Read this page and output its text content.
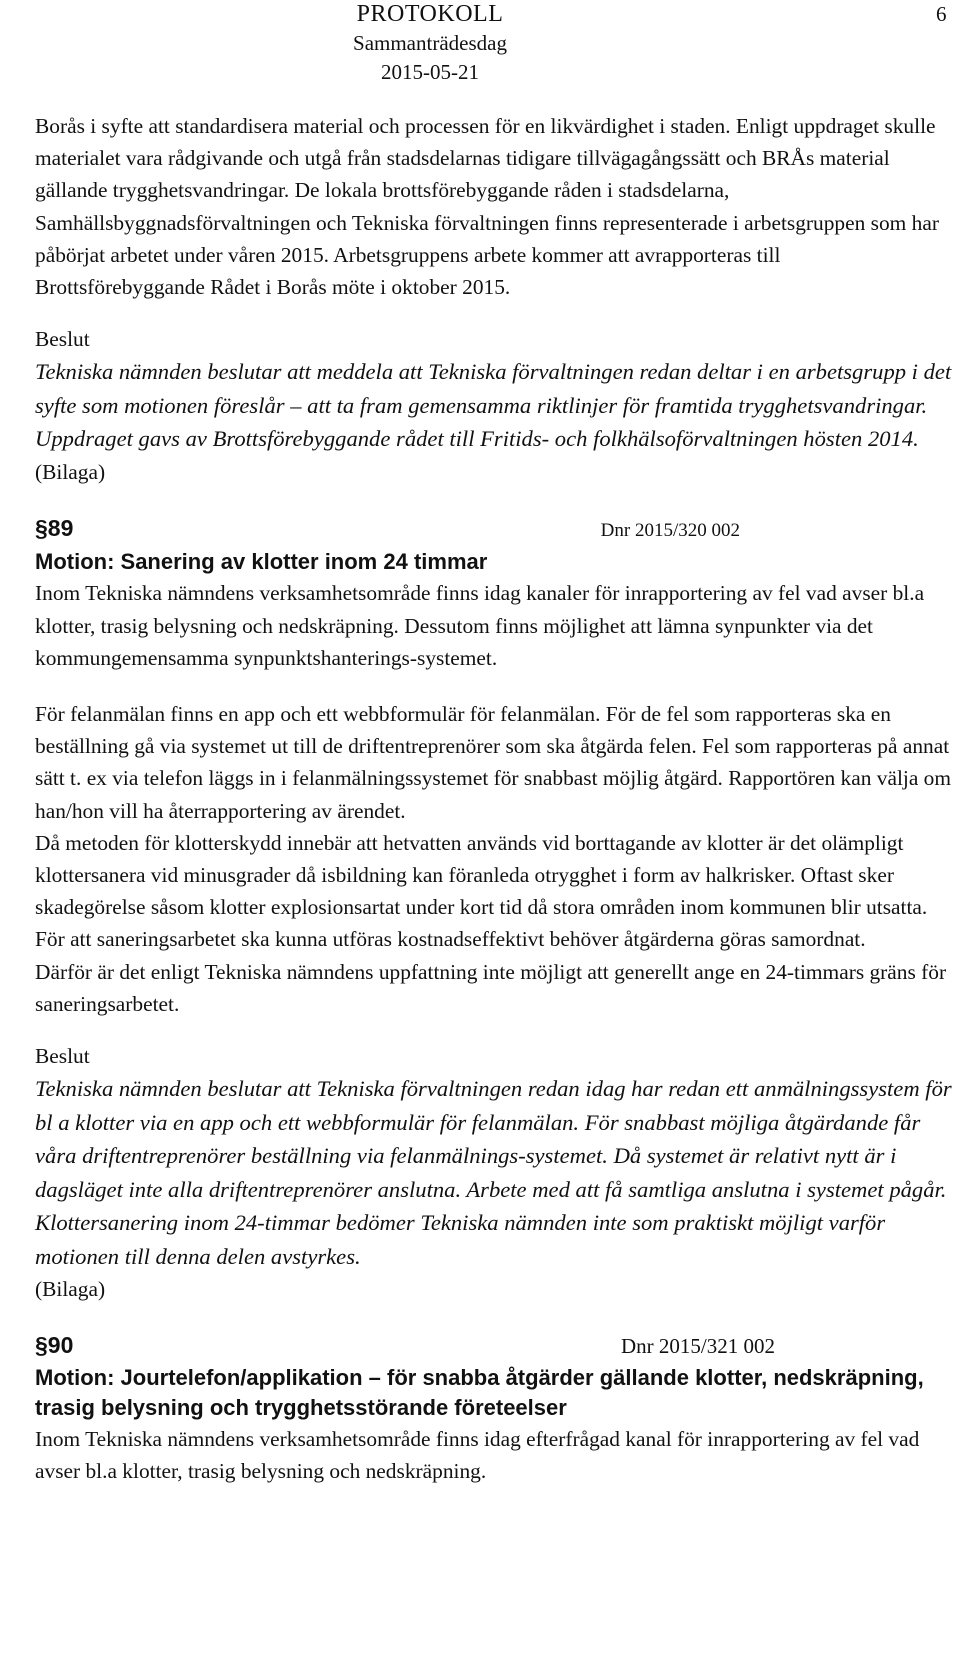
6
PROTOKOLL
Sammanträdesdag
2015-05-21

Borås i syfte att standardisera material och processen för en likvärdighet i staden. Enligt uppdraget skulle materialet vara rådgivande och utgå från stadsdelarnas tidigare tillvägagångssätt och BRÅs material gällande trygghetsvandringar. De lokala brottsförebyggande råden i stadsdelarna, Samhällsbyggnadsförvaltningen och Tekniska förvaltningen finns representerade i arbetsgruppen som har påbörjat arbetet under våren 2015. Arbetsgruppens arbete kommer att avrapporteras till Brottsförebyggande Rådet i Borås möte i oktober 2015.

Beslut

Tekniska nämnden beslutar att meddela att Tekniska förvaltningen redan deltar i en arbetsgrupp i det syfte som motionen föreslår – att ta fram gemensamma riktlinjer för framtida trygghetsvandringar. Uppdraget gavs av Brottsförebyggande rådet till Fritids- och folkhälsoförvaltningen hösten 2014.

(Bilaga)
§ 89	Dnr 2015/320 002
Motion: Sanering av klotter inom 24 timmar

Inom Tekniska nämndens verksamhetsområde finns idag kanaler för inrapportering av fel vad avser bl.a klotter, trasig belysning och nedskräpning. Dessutom finns möjlighet att lämna synpunkter via det kommungemensamma synpunktshanterings-systemet.

För felanmälan finns en app och ett webbformulär för felanmälan. För de fel som rapporteras ska en beställning gå via systemet ut till de driftentreprenörer som ska åtgärda felen. Fel som rapporteras på annat sätt t. ex via telefon läggs in i felanmälningssystemet för snabbast möjlig åtgärd. Rapportören kan välja om han/hon vill ha återrapportering av ärendet.

Då metoden för klotterskydd innebär att hetvatten används vid borttagande av klotter är det olämpligt klottersanera vid minusgrader då isbildning kan föranleda otrygghet i form av halkrisker. Oftast sker skadegörelse såsom klotter explosionsartat under kort tid då stora områden inom kommunen blir utsatta. För att saneringsarbetet ska kunna utföras kostnadseffektivt behöver åtgärderna göras samordnat.

Därför är det enligt Tekniska nämndens uppfattning inte möjligt att generellt ange en 24-timmars gräns för saneringsarbetet.

Beslut

Tekniska nämnden beslutar att Tekniska förvaltningen redan idag har redan ett anmälningssystem för bl a klotter via en app och ett webbformulär för felanmälan. För snabbast möjliga åtgärdande får våra driftentreprenörer beställning via felanmälnings-systemet. Då systemet är relativt nytt är i dagsläget inte alla driftentreprenörer anslutna. Arbete med att få samtliga anslutna i systemet pågår. Klottersanering inom 24-timmar bedömer Tekniska nämnden inte som praktiskt möjligt varför motionen till denna delen avstyrkes.

(Bilaga)
§ 90	Dnr 2015/321 002
Motion: Jourtelefon/applikation – för snabba åtgärder gällande klotter, nedskräpning, trasig belysning och trygghetsstörande företeelser

Inom Tekniska nämndens verksamhetsområde finns idag efterfrågad kanal för inrapportering av fel vad avser bl.a klotter, trasig belysning och nedskräpning.
